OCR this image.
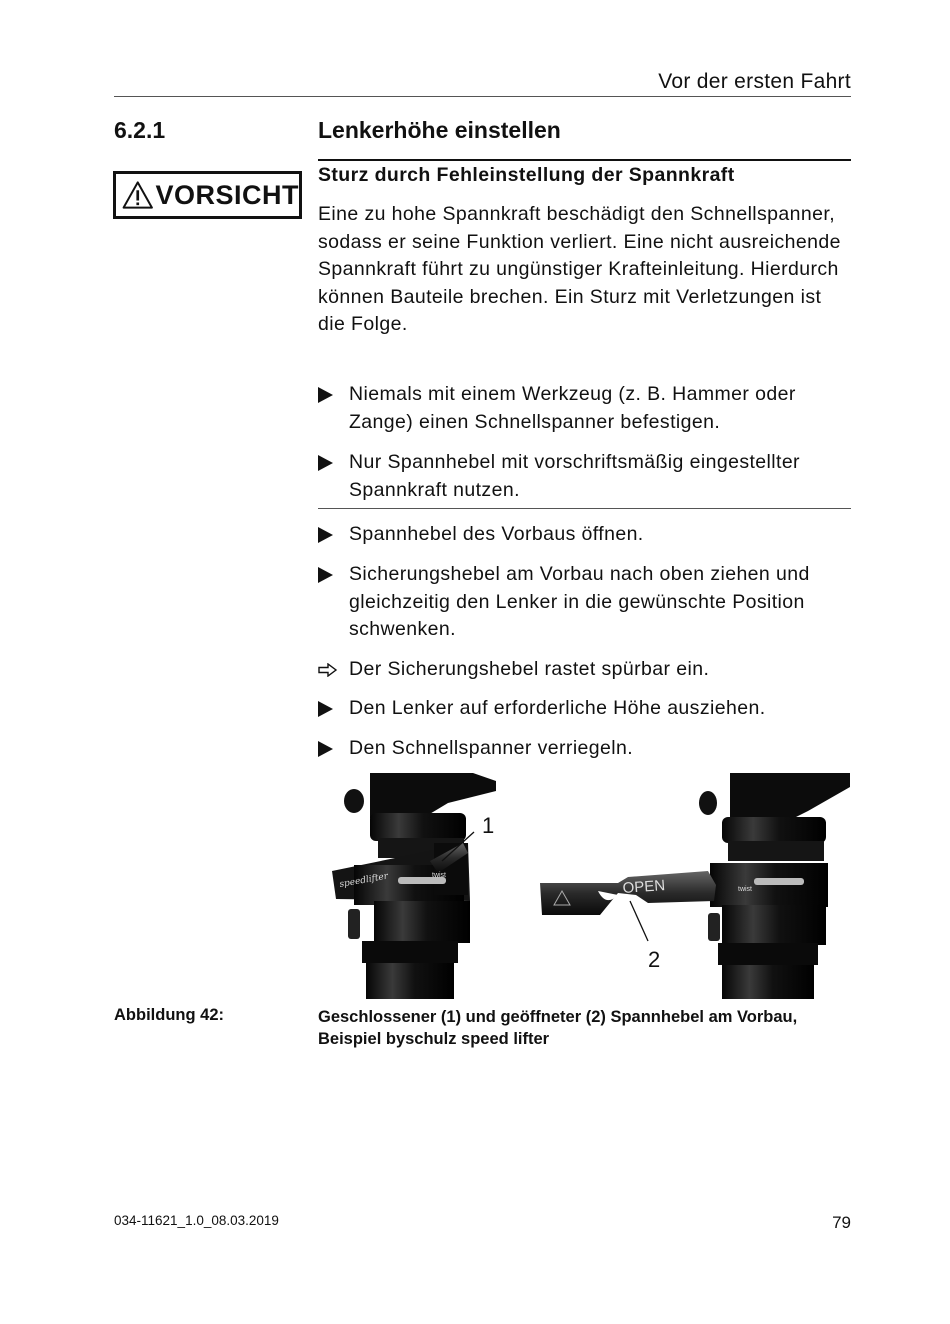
Vor der ersten Fahrt
6.2.1	Lenkerhöhe einstellen
VORSICHT
Sturz durch Fehleinstellung der Spannkraft
Eine zu hohe Spannkraft beschädigt den Schnellspanner, sodass er seine Funktion verliert. Eine nicht ausreichende Spannkraft führt zu ungünstiger Krafteinleitung. Hierdurch können Bauteile brechen. Ein Sturz mit Verletzungen ist die Folge.
Niemals mit einem Werkzeug (z. B. Hammer oder Zange) einen Schnellspanner befestigen.
Nur Spannhebel mit vorschriftsmäßig eingestellter Spannkraft nutzen.
Spannhebel des Vorbaus öffnen.
Sicherungshebel am Vorbau nach oben ziehen und gleichzeitig den Lenker in die gewünschte Position schwenken.
Der Sicherungshebel rastet spürbar ein.
Den Lenker auf erforderliche Höhe ausziehen.
Den Schnellspanner verriegeln.
speedlifter	twist
twist
OPEN
1
2
Abbildung 42:	Geschlossener (1) und geöffneter (2) Spannhebel am Vorbau, Beispiel byschulz speed lifter
034-11621_1.0_08.03.2019	79
